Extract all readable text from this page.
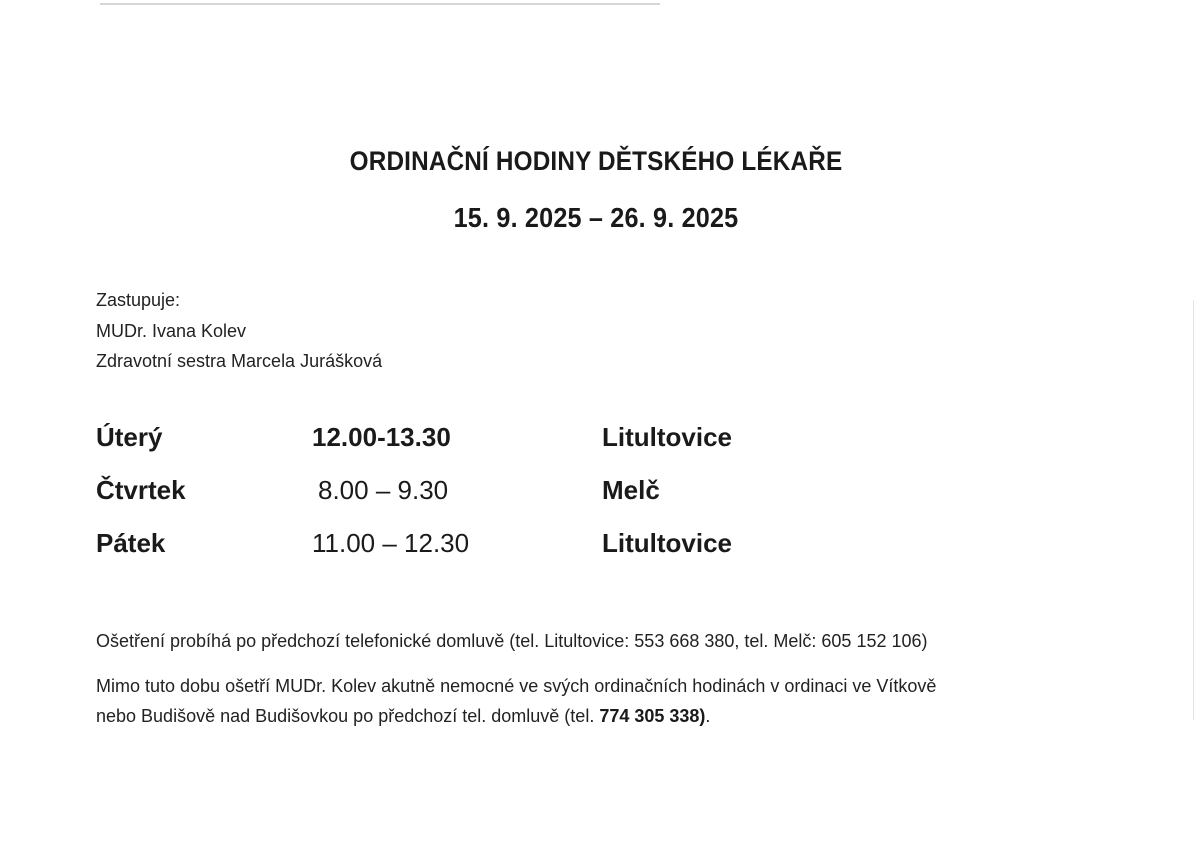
ORDINAČNÍ HODINY DĚTSKÉHO LÉKAŘE
15. 9. 2025 – 26. 9. 2025
Zastupuje:
MUDr. Ivana Kolev
Zdravotní sestra Marcela Jurášková
Úterý	12.00-13.30	Litultovice
Čtvrtek	8.00 – 9.30	Melč
Pátek	11.00 – 12.30	Litultovice
Ošetření probíhá po předchozí telefonické domluvě (tel. Litultovice: 553 668 380, tel. Melč: 605 152 106)
Mimo tuto dobu ošetří MUDr. Kolev akutně nemocné ve svých ordinačních hodinách v ordinaci ve Vítkově
nebo Budišově nad Budišovkou po předchozí tel. domluvě (tel. 774 305 338).
